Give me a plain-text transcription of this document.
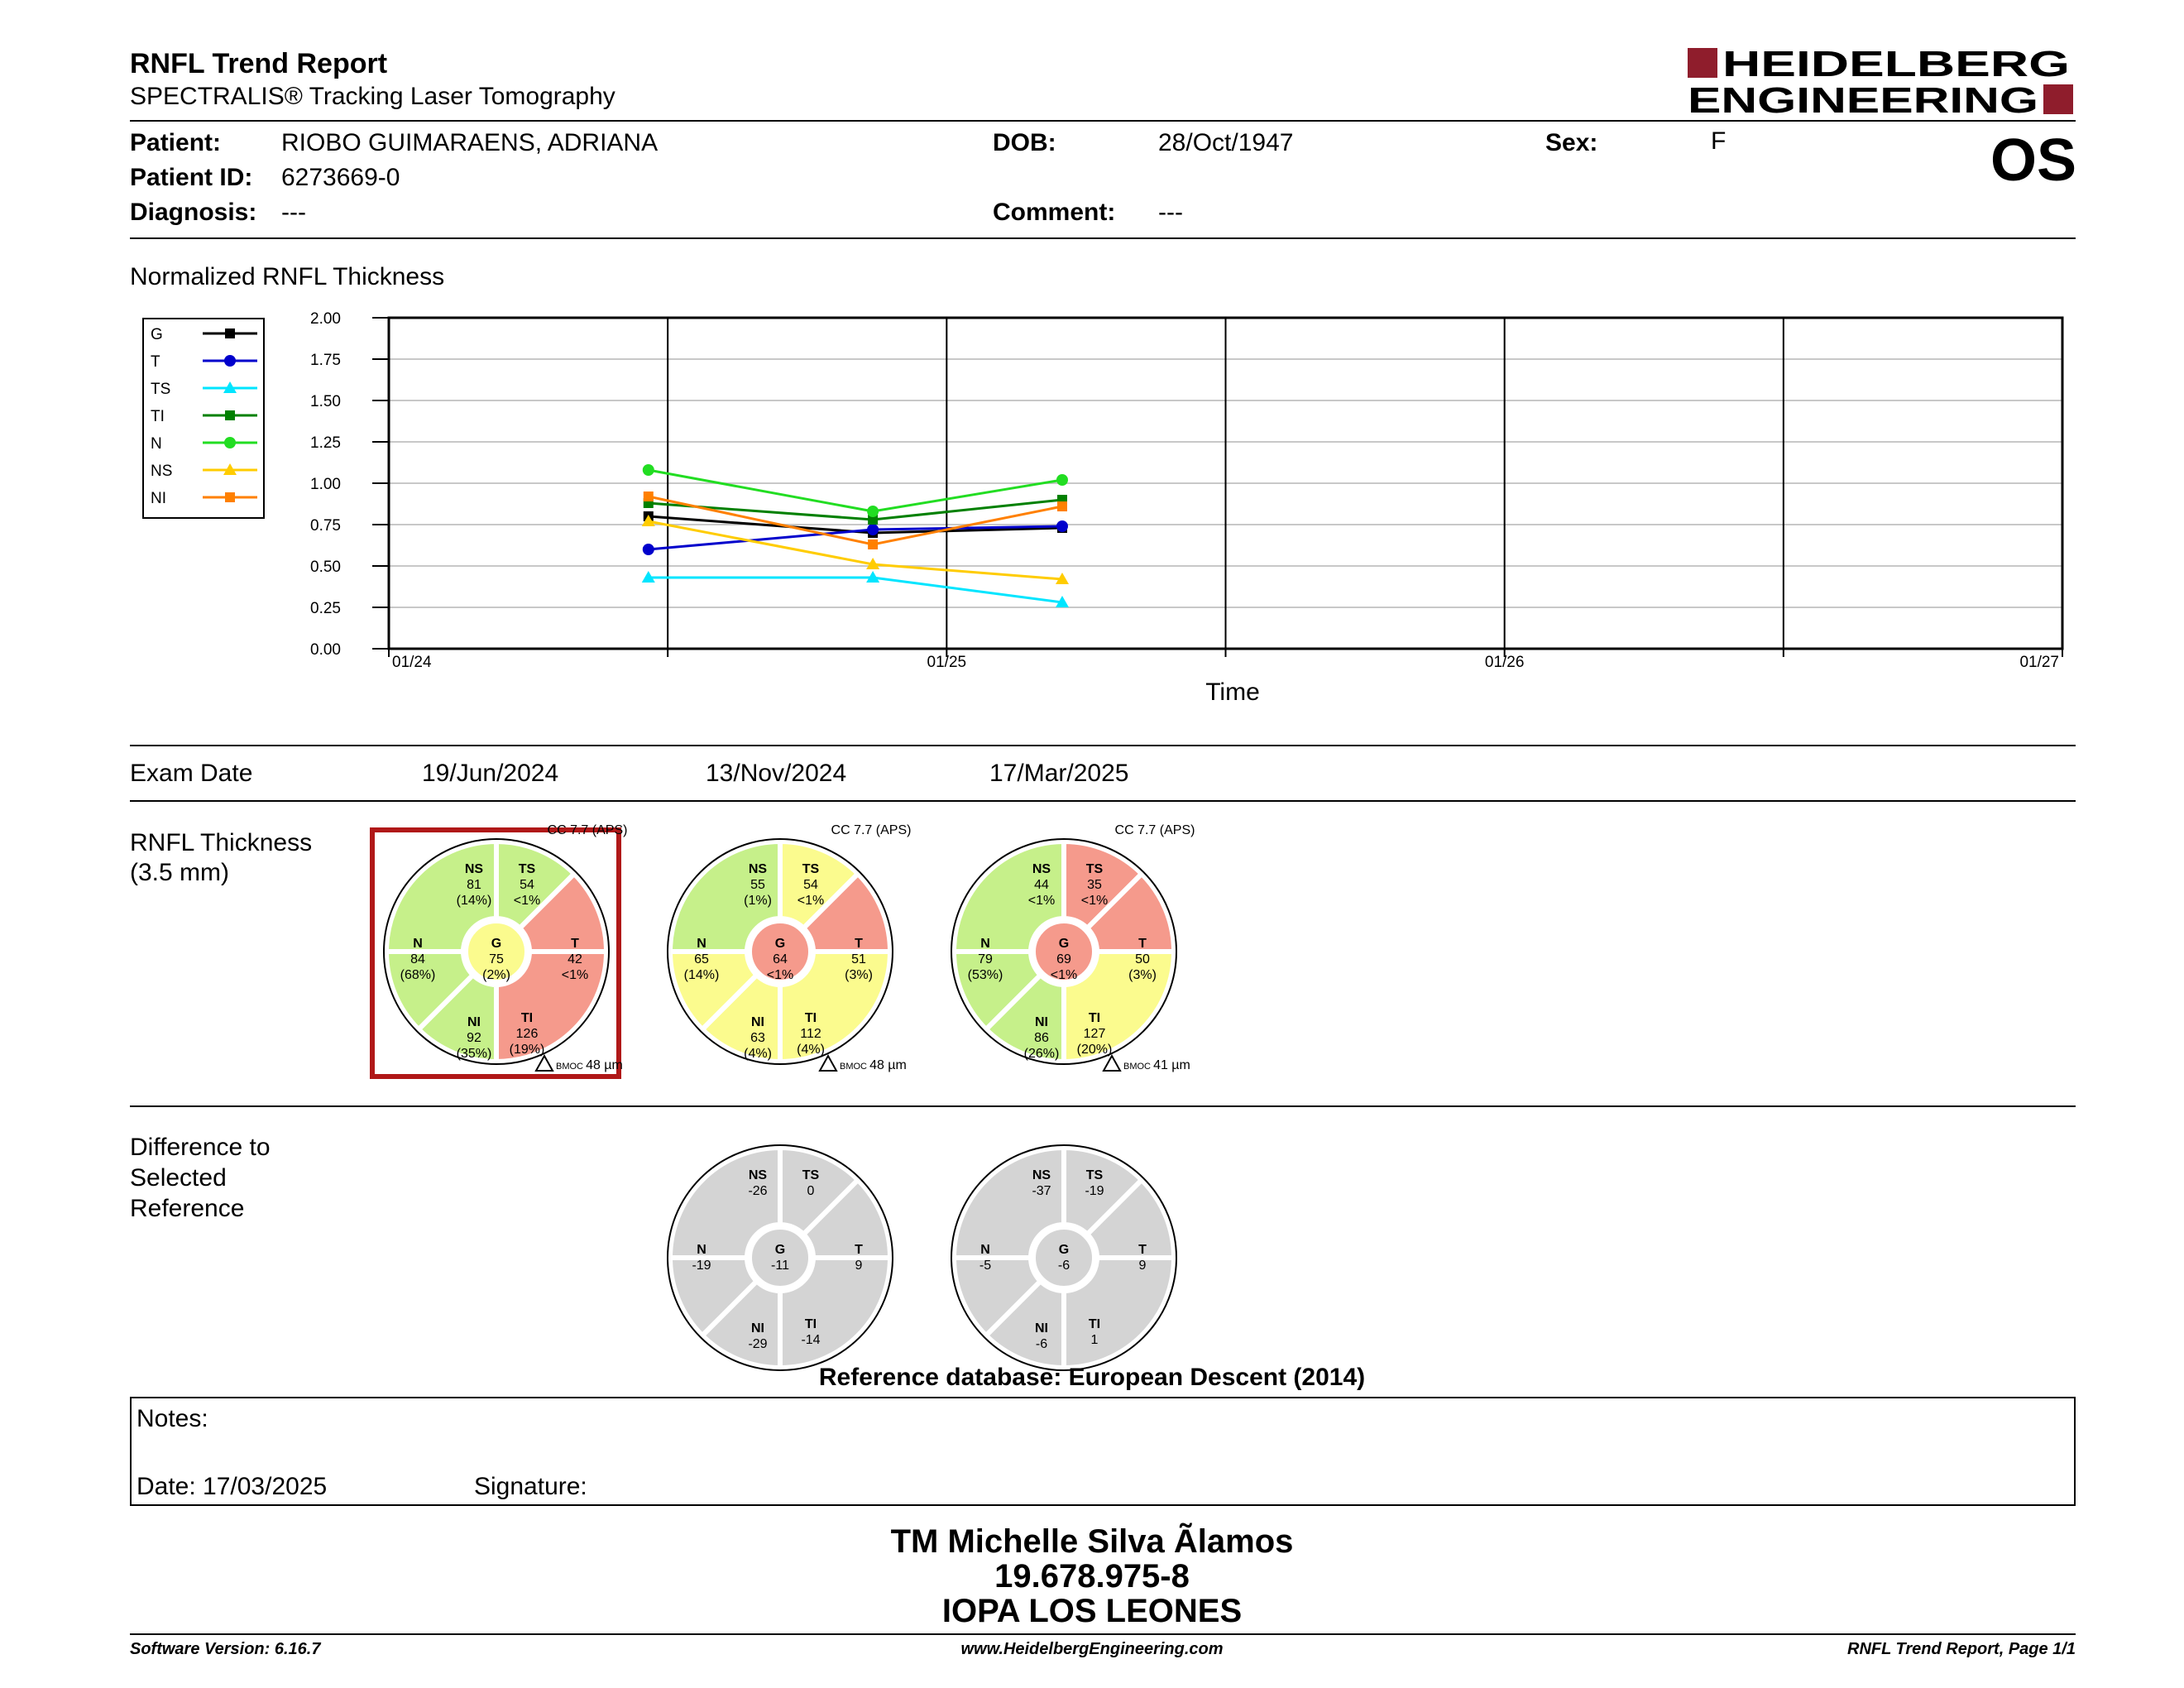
RNFL Trend Report
SPECTRALIS® Tracking Laser Tomography
HEIDELBERG
ENGINEERING
Patient: RIOBO GUIMARAENS, ADRIANA
Patient ID: 6273669-0
Diagnosis: ---
DOB:	28/Oct/1947
Comment: ---
Sex:	F	OS
Normalized RNFL Thickness
2.00
1.75
1.50
1.25
1.00
0.75
0.50
0.25
0.00
01/24	01/25	01/26	01/27
G
T
TS
TI
N
NS
NI
Time
Exam Date	19/Jun/2024	13/Nov/2024	17/Mar/2025
RNFL Thickness
(3.5 mm)	NS
81
(14%)
TS
54
<1%
T
42
<1%
TI
126
(19%)
NI
92
(35%)
N
84
(68%)
G
75
(2%)
CC 7.7 (APS)
BMOC 48 µm
NS
55
(1%)
TS
54
<1%
T
51
(3%)
TI
112
(4%)
NI
63
(4%)
N
65
(14%)
G
64
<1%
CC 7.7 (APS)
BMOC 48 µm
NS
44
<1%
TS
35
<1%
T
50
(3%)
TI
127
(20%)
NI
86
(26%)
N
79
(53%)
G
69
<1%
CC 7.7 (APS)
BMOC 41 µm
NS
-26
TS
0
T
9
TI
-14
NI
-29
N
-19
G
-11
NS
-37
TS
-19
T
9
TI
1
NI
-6
N
-5
G
-6
Difference to
Selected
Reference
Reference database: European Descent (2014)
Notes:
Date: 17/03/2025	Signature:
TM Michelle Silva Ãlamos
19.678.975-8
IOPA LOS LEONES
Software Version: 6.16.7	www.HeidelbergEngineering.com	RNFL Trend Report, Page 1/1
